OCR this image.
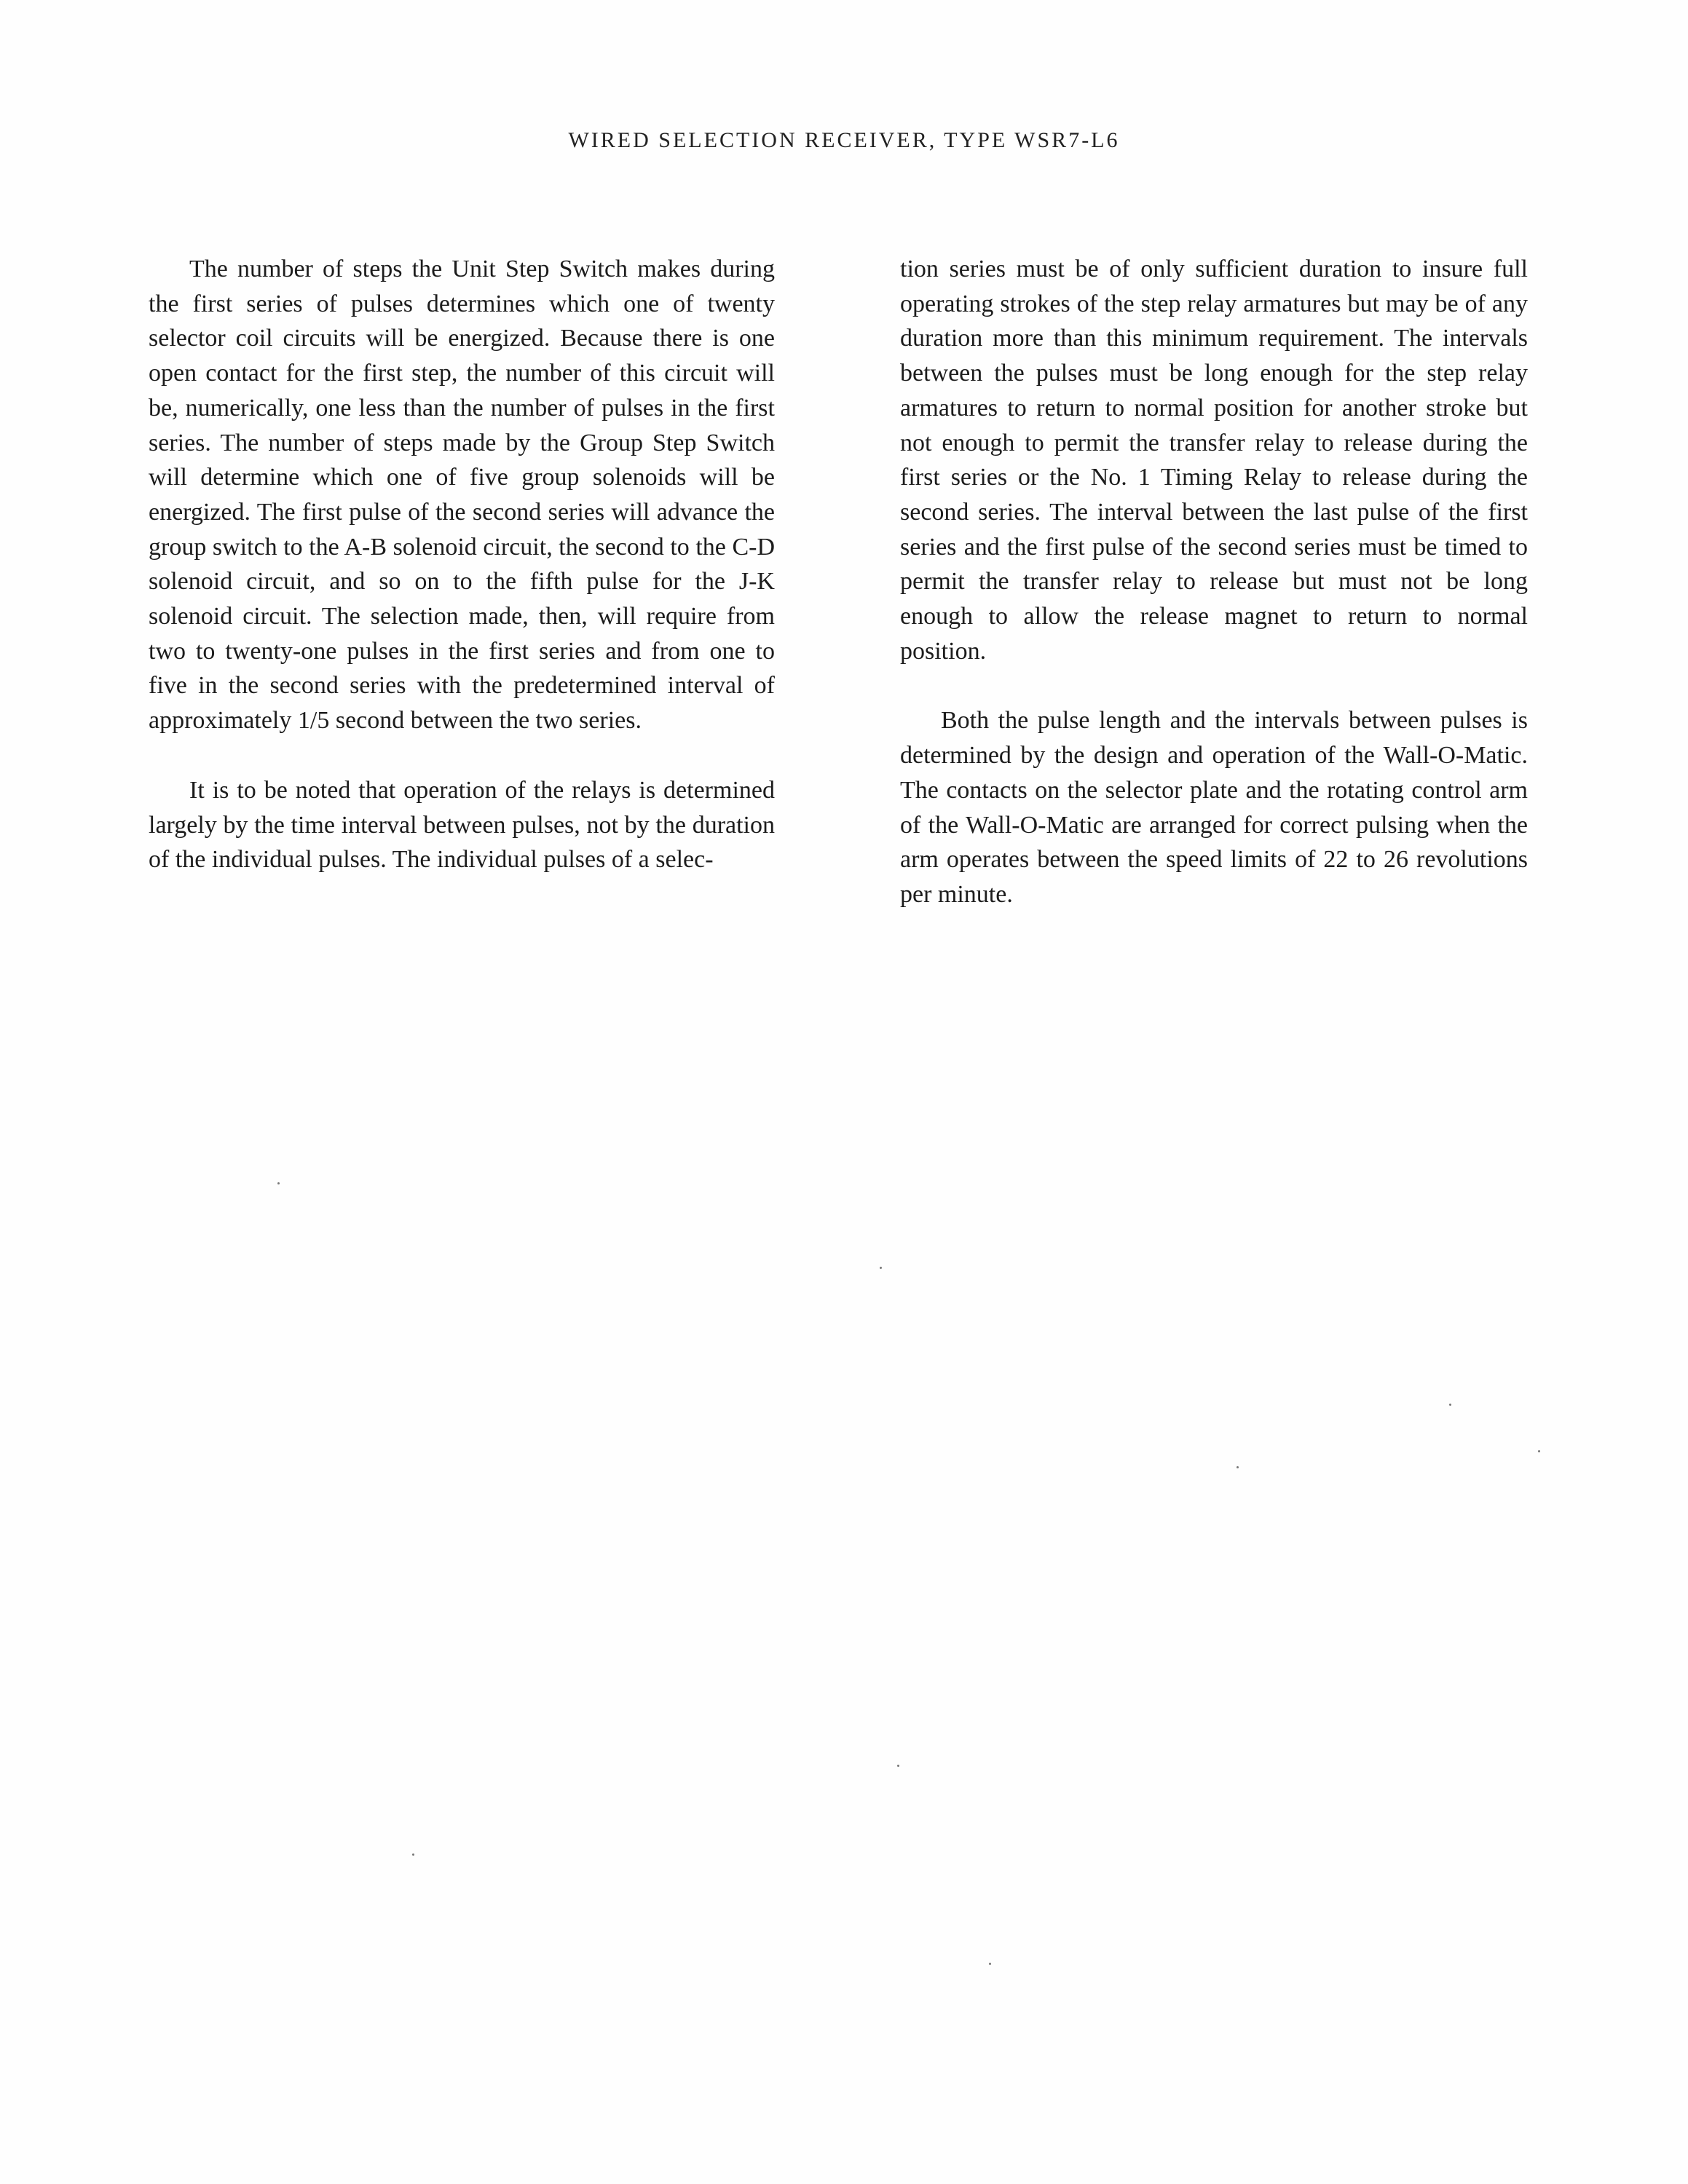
WIRED SELECTION RECEIVER, TYPE WSR7-L6

The number of steps the Unit Step Switch makes during the first series of pulses determines which one of twenty selector coil circuits will be energized. Because there is one open contact for the first step, the number of this circuit will be, numerically, one less than the number of pulses in the first series. The number of steps made by the Group Step Switch will determine which one of five group solenoids will be energized. The first pulse of the second series will advance the group switch to the A-B solenoid circuit, the second to the C-D solenoid circuit, and so on to the fifth pulse for the J-K solenoid circuit. The selection made, then, will require from two to twenty-one pulses in the first series and from one to five in the second series with the predetermined interval of approximately 1/5 second between the two series.

It is to be noted that operation of the relays is determined largely by the time interval between pulses, not by the duration of the individual pulses. The individual pulses of a selec-

tion series must be of only sufficient duration to insure full operating strokes of the step relay armatures but may be of any duration more than this minimum requirement. The intervals between the pulses must be long enough for the step relay armatures to return to normal position for another stroke but not enough to permit the transfer relay to release during the first series or the No. 1 Timing Relay to release during the second series. The interval between the last pulse of the first series and the first pulse of the second series must be timed to permit the transfer relay to release but must not be long enough to allow the release magnet to return to normal position.

Both the pulse length and the intervals between pulses is determined by the design and operation of the Wall-O-Matic. The contacts on the selector plate and the rotating control arm of the Wall-O-Matic are arranged for correct pulsing when the arm operates between the speed limits of 22 to 26 revolutions per minute.
